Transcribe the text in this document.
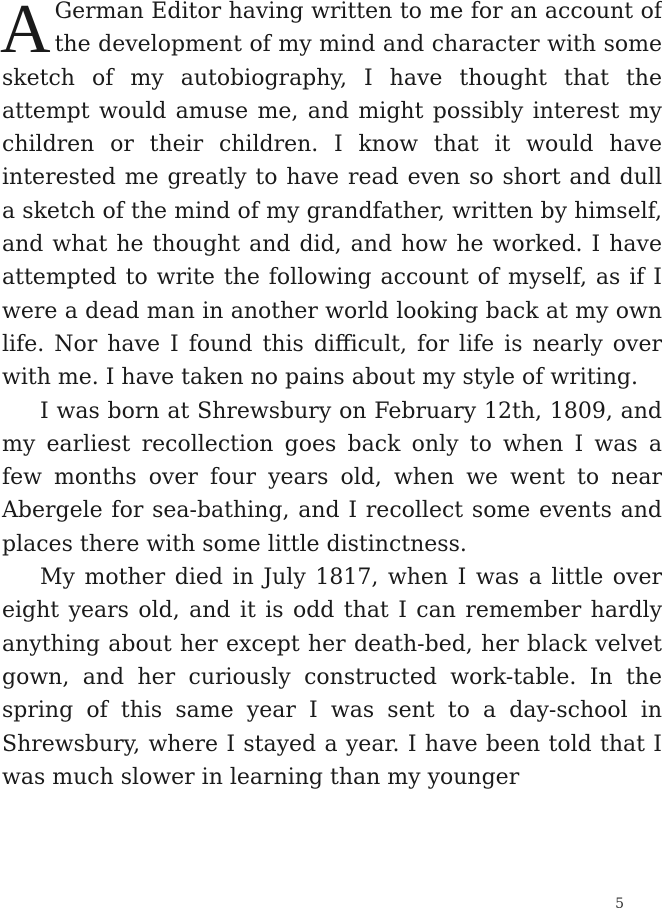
A German Editor having written to me for an account of the development of my mind and character with some sketch of my autobiography, I have thought that the attempt would amuse me, and might possibly interest my children or their children. I know that it would have interested me greatly to have read even so short and dull a sketch of the mind of my grandfather, written by himself, and what he thought and did, and how he worked. I have attempted to write the following account of myself, as if I were a dead man in another world looking back at my own life. Nor have I found this difficult, for life is nearly over with me. I have taken no pains about my style of writing.

I was born at Shrewsbury on February 12th, 1809, and my earliest recollection goes back only to when I was a few months over four years old, when we went to near Abergele for sea-bathing, and I recollect some events and places there with some little distinctness.

My mother died in July 1817, when I was a little over eight years old, and it is odd that I can remember hardly anything about her except her death-bed, her black velvet gown, and her curiously constructed work-table. In the spring of this same year I was sent to a day-school in Shrewsbury, where I stayed a year. I have been told that I was much slower in learning than my younger

5
